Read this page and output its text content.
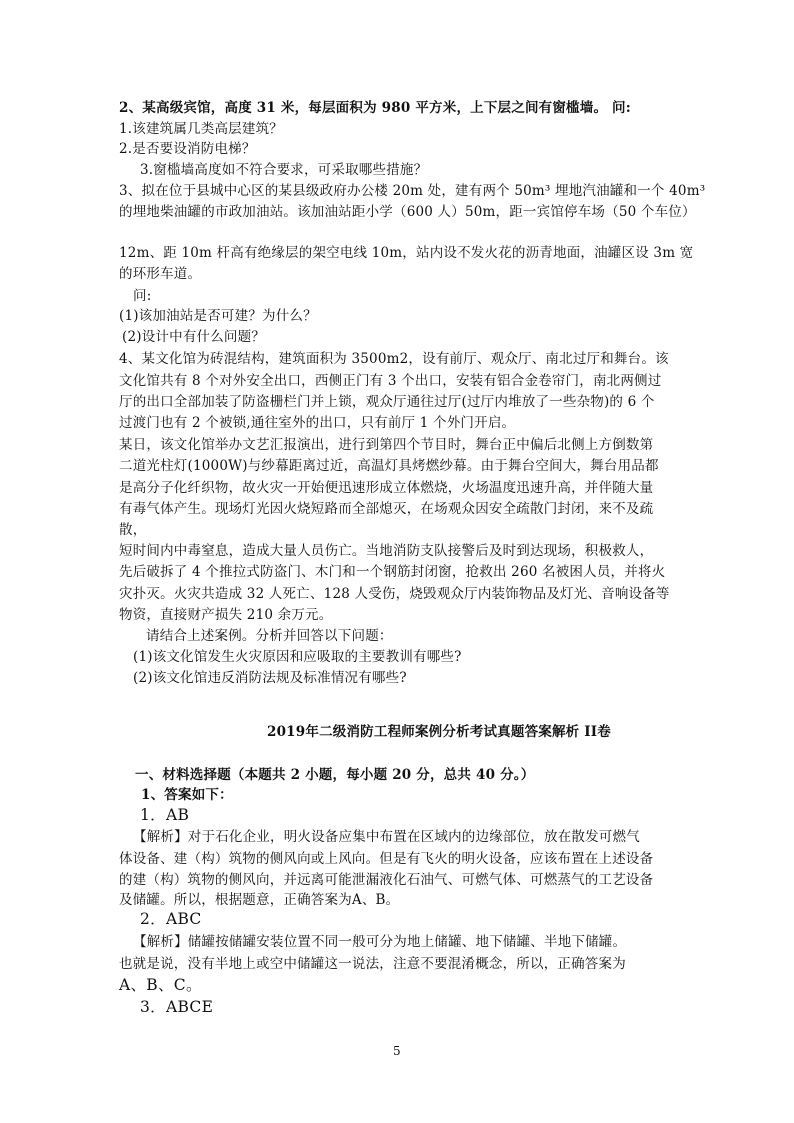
2、某高级宾馆，高度 31 米，每层面积为 980 平方米，上下层之间有窗槛墙。 问:
1.该建筑属几类高层建筑？
2.是否要设消防电梯？
3.窗槛墙高度如不符合要求，可采取哪些措施？
3、拟在位于县城中心区的某县级政府办公楼 20m 处，建有两个 50m³ 埋地汽油罐和一个 40m³
的埋地柴油罐的市政加油站。该加油站距小学（600 人）50m，距一宾馆停车场（50 个车位）
12m、距 10m 杆高有绝缘层的架空电线 10m，站内设不发火花的沥青地面，油罐区设 3m 宽
的环形车道。
问:
(1)该加油站是否可建？为什么？
(2)设计中有什么问题？
4、某文化馆为砖混结构，建筑面积为 3500m2，设有前厅、观众厅、南北过厅和舞台。该
文化馆共有 8 个对外安全出口，西侧正门有 3 个出口，安装有铝合金卷帘门，南北两侧过
厅的出口全部加装了防盗栅栏门并上锁，观众厅通往过厅(过厅内堆放了一些杂物)的 6 个
过渡门也有 2 个被锁,通往室外的出口，只有前厅 1 个外门开启。
某日，该文化馆举办文艺汇报演出，进行到第四个节目时，舞台正中偏后北侧上方倒数第
二道光柱灯(1000W)与纱幕距离过近，高温灯具烤燃纱幕。由于舞台空间大，舞台用品都
是高分子化纤织物，故火灾一开始便迅速形成立体燃烧，火场温度迅速升高，并伴随大量
有毒气体产生。现场灯光因火烧短路而全部熄灭，在场观众因安全疏散门封闭，来不及疏
散，
短时间内中毒窒息，造成大量人员伤亡。当地消防支队接警后及时到达现场，积极救人，
先后破拆了 4 个推拉式防盗门、木门和一个钢筋封闭窗，抢救出 260 名被困人员，并将火
灾扑灭。火灾共造成 32 人死亡、128 人受伤，烧毁观众厅内装饰物品及灯光、音响设备等
物资，直接财产损失 210 余万元。
请结合上述案例。分析并回答以下问题：
(1)该文化馆发生火灾原因和应吸取的主要教训有哪些?
(2)该文化馆违反消防法规及标准情况有哪些?
2019年二级消防工程师案例分析考试真题答案解析 II卷
一、材料选择题（本题共 2 小题，每小题 20 分，总共 40 分。）
1、答案如下：
1．AB
【解析】对于石化企业，明火设备应集中布置在区域内的边缘部位，放在散发可燃气
体设备、建（构）筑物的侧风向或上风向。但是有飞火的明火设备，应该布置在上述设备
的建（构）筑物的侧风向，并远离可能泄漏液化石油气、可燃气体、可燃蒸气的工艺设备
及储罐。所以，根据题意，正确答案为A、B。
2．ABC
【解析】储罐按储罐安装位置不同一般可分为地上储罐、地下储罐、半地下储罐。
也就是说，没有半地上或空中储罐这一说法，注意不要混淆概念，所以，正确答案为
A、B、C。
3．ABCE
5
